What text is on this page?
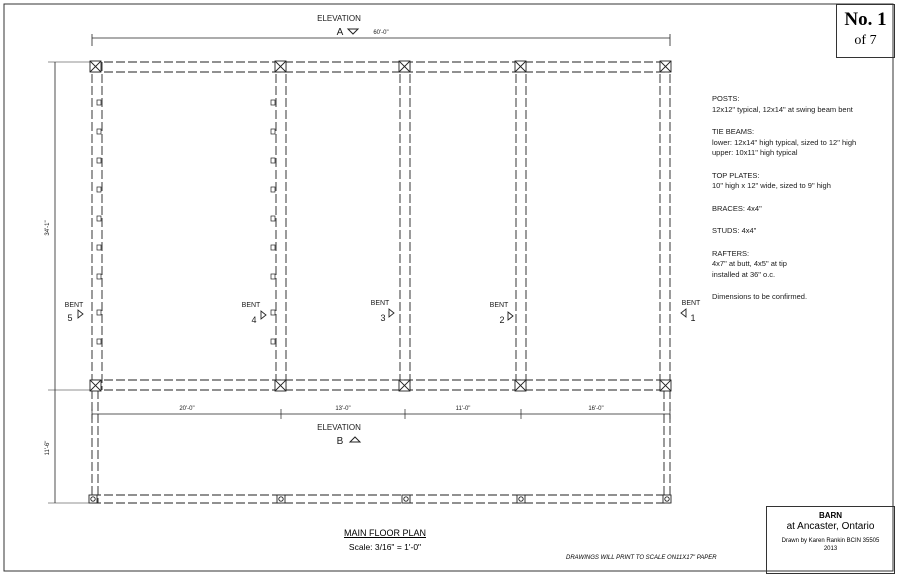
ELEVATION
A	60'-0"
34'-1"
11'-6"
20'-0"	13'-0"	11'-0"	16'-0"
ELEVATION
B
BENT
5
BENT
4
BENT
3
BENT
2
BENT
1
No. 1
of 7
POSTS:
12x12" typical, 12x14" at swing beam bent
TIE BEAMS:
lower: 12x14" high typical, sized to 12" high
upper: 10x11" high typical
TOP PLATES:
10" high x 12" wide, sized to 9" high
BRACES: 4x4"
STUDS: 4x4"
RAFTERS:
4x7" at butt, 4x5" at tip
installed at 36" o.c.
Dimensions to be confirmed.
MAIN FLOOR PLAN
Scale: 3/16" = 1'-0"
DRAWINGS WILL PRINT TO SCALE ON11X17" PAPER
BARN
at Ancaster, Ontario
Drawn by Karen Rankin BCIN 35505
2013
